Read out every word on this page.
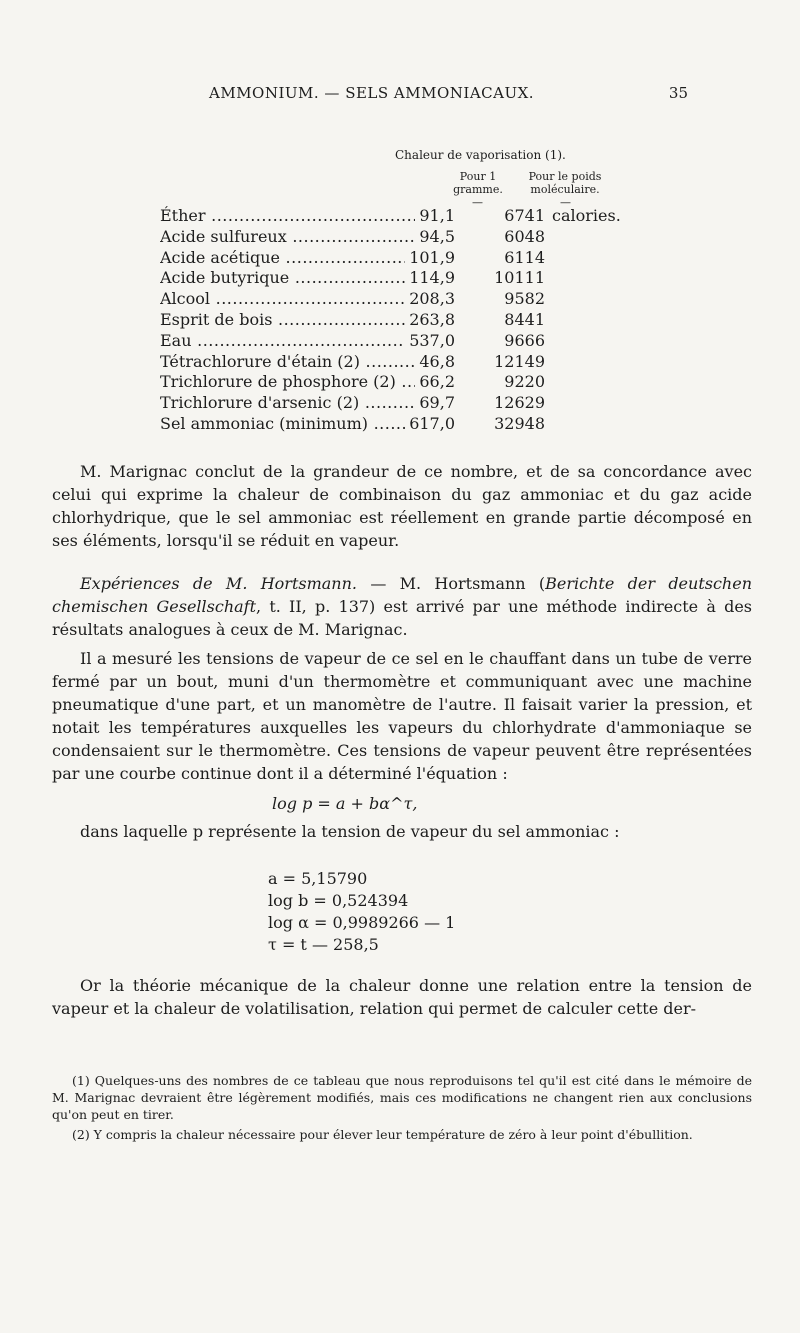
AMMONIUM. — SELS AMMONIACAUX.	35
Chaleur de vaporisation (1).
Pour 1 gramme.
Pour le poids moléculaire.
—	—
Éther .....	91,1	6741 calories.
Acide sulfureux .....	94,5	6048
Acide acétique .....	101,9	6114
Acide butyrique .....	114,9 10111
Alcool .....	208,3	9582
Esprit de bois .....	263,8	8441
Eau .....	537,0	9666
Tétrachlorure d'étain (2) .....	46,8 12149
Trichlorure de phosphore (2) .....	66,2	9220
Trichlorure d'arsenic (2) .....	69,7 12629
Sel ammoniac (minimum) .....	617,0 32948

M. Marignac conclut de la grandeur de ce nombre, et de sa concordance avec celui qui exprime la chaleur de combinaison du gaz ammoniac et du gaz acide chlorhydrique, que le sel ammoniac est réellement en grande partie décomposé en ses éléments, lorsqu'il se réduit en vapeur.

Expériences de M. Hortsmann. — M. Hortsmann (Berichte der deutschen chemischen Gesellschaft, t. II, p. 137) est arrivé par une méthode indirecte à des résultats analogues à ceux de M. Marignac.

Il a mesuré les tensions de vapeur de ce sel en le chauffant dans un tube de verre fermé par un bout, muni d'un thermomètre et communiquant avec une machine pneumatique d'une part, et un manomètre de l'autre. Il faisait varier la pression, et notait les températures auxquelles les vapeurs du chlorhydrate d'ammoniaque se condensaient sur le thermomètre. Ces tensions de vapeur peuvent être représentées par une courbe continue dont il a déterminé l'équation :

log p = a + bα^τ,

dans laquelle p représente la tension de vapeur du sel ammoniac :

a = 5,15790
log b = 0,524394
log α = 0,9989266 — 1
τ = t — 258,5

Or la théorie mécanique de la chaleur donne une relation entre la tension de vapeur et la chaleur de volatilisation, relation qui permet de calculer cette der-

(1) Quelques-uns des nombres de ce tableau que nous reproduisons tel qu'il est cité dans le mémoire de M. Marignac devraient être légèrement modifiés, mais ces modifications ne changent rien aux conclusions qu'on peut en tirer.

(2) Y compris la chaleur nécessaire pour élever leur température de zéro à leur point d'ébullition.
